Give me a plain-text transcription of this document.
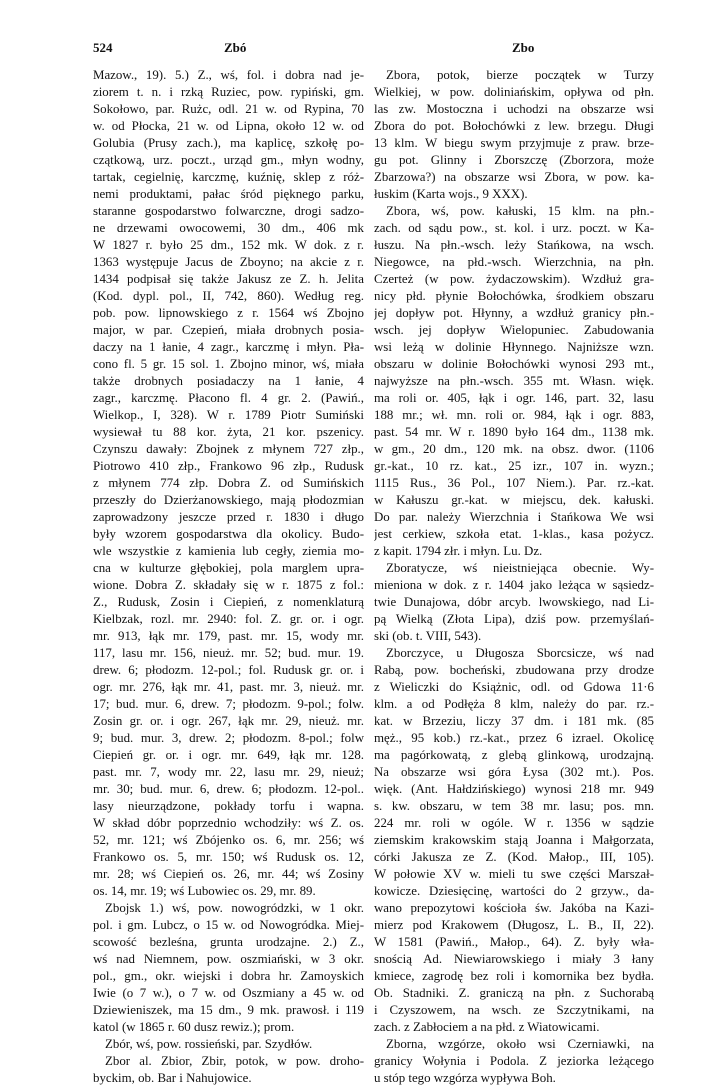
524	Zbó	Zbo
Mazow., 19). 5.) Z., wś, fol. i dobra nad je-
ziorem t. n. i rzką Ruziec, pow. rypiński, gm.
Sokołowo, par. Rużc, odl. 21 w. od Rypina, 70
w. od Płocka, 21 w. od Lipna, około 12 w. od
Golubia (Prusy zach.), ma kaplicę, szkołę po-
czątkową, urz. poczt., urząd gm., młyn wodny,
tartak, cegielnię, karczmę, kuźnię, sklep z róż-
nemi produktami, pałac śród pięknego parku,
staranne gospodarstwo folwarczne, drogi sadzo-
ne drzewami owocowemi, 30 dm., 406 mk
W 1827 r. było 25 dm., 152 mk. W dok. z r.
1363 występuje Jacus de Zboyno; na akcie z r.
1434 podpisał się także Jakusz ze Z. h. Jelita
(Kod. dypl. pol., II, 742, 860). Według reg.
pob. pow. lipnowskiego z r. 1564 wś Zbojno
major, w par. Czepień, miała drobnych posia-
daczy na 1 łanie, 4 zagr., karczmę i młyn. Pła-
cono fl. 5 gr. 15 sol. 1. Zbojno minor, wś, miała
także drobnych posiadaczy na 1 łanie, 4
zagr., karczmę. Płacono fl. 4 gr. 2. (Pawiń.,
Wielkop., I, 328). W r. 1789 Piotr Sumiński
wysiewał tu 88 kor. żyta, 21 kor. pszenicy.
Czynszu dawały: Zbojnek z młynem 727 złp.,
Piotrowo 410 złp., Frankowo 96 złp., Rudusk
z młynem 774 złp. Dobra Z. od Sumińskich
przeszły do Dzierżanowskiego, mają płodozmian
zaprowadzony jeszcze przed r. 1830 i długo
były wzorem gospodarstwa dla okolicy. Budo-
wle wszystkie z kamienia lub cegły, ziemia mo-
cna w kulturze głębokiej, pola marglem upra-
wione. Dobra Z. składały się w r. 1875 z fol.:
Z., Rudusk, Zosin i Ciepień, z nomenklaturą
Kielbzak, rozl. mr. 2940: fol. Z. gr. or. i ogr.
mr. 913, łąk mr. 179, past. mr. 15, wody mr.
117, lasu mr. 156, nieuż. mr. 52; bud. mur. 19.
drew. 6; płodozm. 12-pol.; fol. Rudusk gr. or. i
ogr. mr. 276, łąk mr. 41, past. mr. 3, nieuż. mr.
17; bud. mur. 6, drew. 7; płodozm. 9-pol.; folw.
Zosin gr. or. i ogr. 267, łąk mr. 29, nieuż. mr.
9; bud. mur. 3, drew. 2; płodozm. 8-pol.; folw
Ciepień gr. or. i ogr. mr. 649, łąk mr. 128.
past. mr. 7, wody mr. 22, lasu mr. 29, nieuż;
mr. 30; bud. mur. 6, drew. 6; płodozm. 12-pol..
lasy nieurządzone, pokłady torfu i wapna.
W skład dóbr poprzednio wchodziły: wś Z. os.
52, mr. 121; wś Zbójenko os. 6, mr. 256; wś
Frankowo os. 5, mr. 150; wś Rudusk os. 12,
mr. 28; wś Ciepień os. 26, mr. 44; wś Zosiny
os. 14, mr. 19; wś Lubowiec os. 29, mr. 89.
Zbojsk 1.) wś, pow. nowogródzki, w 1 okr.
pol. i gm. Lubcz, o 15 w. od Nowogródka. Miej-
scowość bezleśna, grunta urodzajne. 2.) Z.,
wś nad Niemnem, pow. oszmiański, w 3 okr.
pol., gm., okr. wiejski i dobra hr. Zamoyskich
Iwie (o 7 w.), o 7 w. od Oszmiany a 45 w. od
Dziewieniszek, ma 15 dm., 9 mk. prawosł. i 119
katol (w 1865 r. 60 dusz rewiz.); prom.
Zbór, wś, pow. rossieński, par. Szydłów.
Zbor al. Zbior, Zbir, potok, w pow. droho-
byckim, ob. Bar i Nahujowice.
Zbora, potok, bierze początek w Turzy
Wielkiej, w pow. doliniańskim, opływa od płn.
las zw. Mostoczna i uchodzi na obszarze wsi
Zbora do pot. Bołochówki z lew. brzegu. Długi
13 klm. W biegu swym przyjmuje z praw. brze-
gu pot. Glinny i Zborszczę (Zborzora, może
Zbarzowa?) na obszarze wsi Zbora, w pow. ka-
łuskim (Karta wojs., 9 XXX).
Zbora, wś, pow. kałuski, 15 klm. na płn.-
zach. od sądu pow., st. kol. i urz. poczt. w Ka-
łuszu. Na płn.-wsch. leży Stańkowa, na wsch.
Niegowce, na płd.-wsch. Wierzchnia, na płn.
Czerteż (w pow. żydaczowskim). Wzdłuż gra-
nicy płd. płynie Bołochówka, środkiem obszaru
jej dopływ pot. Hłynny, a wzdłuż granicy płn.-
wsch. jej dopływ Wielopuniec. Zabudowania
wsi leżą w dolinie Hłynnego. Najniższe wzn.
obszaru w dolinie Bołochówki wynosi 293 mt.,
najwyższe na płn.-wsch. 355 mt. Własn. więk.
ma roli or. 405, łąk i ogr. 146, part. 32, lasu
188 mr.; wł. mn. roli or. 984, łąk i ogr. 883,
past. 54 mr. W r. 1890 było 164 dm., 1138 mk.
w gm., 20 dm., 120 mk. na obsz. dwor. (1106
gr.-kat., 10 rz. kat., 25 izr., 107 in. wyzn.;
1115 Rus., 36 Pol., 107 Niem.). Par. rz.-kat.
w Kałuszu gr.-kat. w miejscu, dek. kałuski.
Do par. należy Wierzchnia i Stańkowa We wsi
jest cerkiew, szkoła etat. 1-klas., kasa pożycz.
z kapit. 1794 złr. i młyn. Lu. Dz.
Zboratycze, wś nieistniejąca obecnie. Wy-
mieniona w dok. z r. 1404 jako leżąca w sąsiedz-
twie Dunajowa, dóbr arcyb. lwowskiego, nad Li-
pą Wielką (Złota Lipa), dziś pow. przemyślań-
ski (ob. t. VIII, 543).
Zborczyce, u Długosza Sborcsicze, wś nad
Rabą, pow. bocheński, zbudowana przy drodze
z Wieliczki do Książnic, odl. od Gdowa 11·6
klm. a od Podłęża 8 klm, należy do par. rz.-
kat. w Brzeziu, liczy 37 dm. i 181 mk. (85
męż., 95 kob.) rz.-kat., przez 6 izrael. Okolicę
ma pagórkowatą, z glebą glinkową, urodzajną.
Na obszarze wsi góra Łysa (302 mt.). Pos.
więk. (Ant. Hałdzińskiego) wynosi 218 mr. 949
s. kw. obszaru, w tem 38 mr. lasu; pos. mn.
224 mr. roli w ogóle. W r. 1356 w sądzie
ziemskim krakowskim stają Joanna i Małgorzata,
córki Jakusza ze Z. (Kod. Małop., III, 105).
W połowie XV w. mieli tu swe części Marszał-
kowicze. Dziesięcinę, wartości do 2 grzyw., da-
wano prepozytowi kościoła św. Jakóba na Kazi-
mierz pod Krakowem (Długosz, L. B., II, 22).
W 1581 (Pawiń., Małop., 64). Z. były wła-
snością Ad. Niewiarowskiego i miały 3 łany
kmiece, zagrodę bez roli i komornika bez bydła.
Ob. Stadniki. Z. graniczą na płn. z Suchorabą
i Czyszowem, na wsch. ze Szczytnikami, na
zach. z Zabłociem a na płd. z Wiatowicami.
Zborna, wzgórze, około wsi Czerniawki, na
granicy Wołynia i Podola. Z jeziorka leżącego
u stóp tego wzgórza wypływa Boh.
